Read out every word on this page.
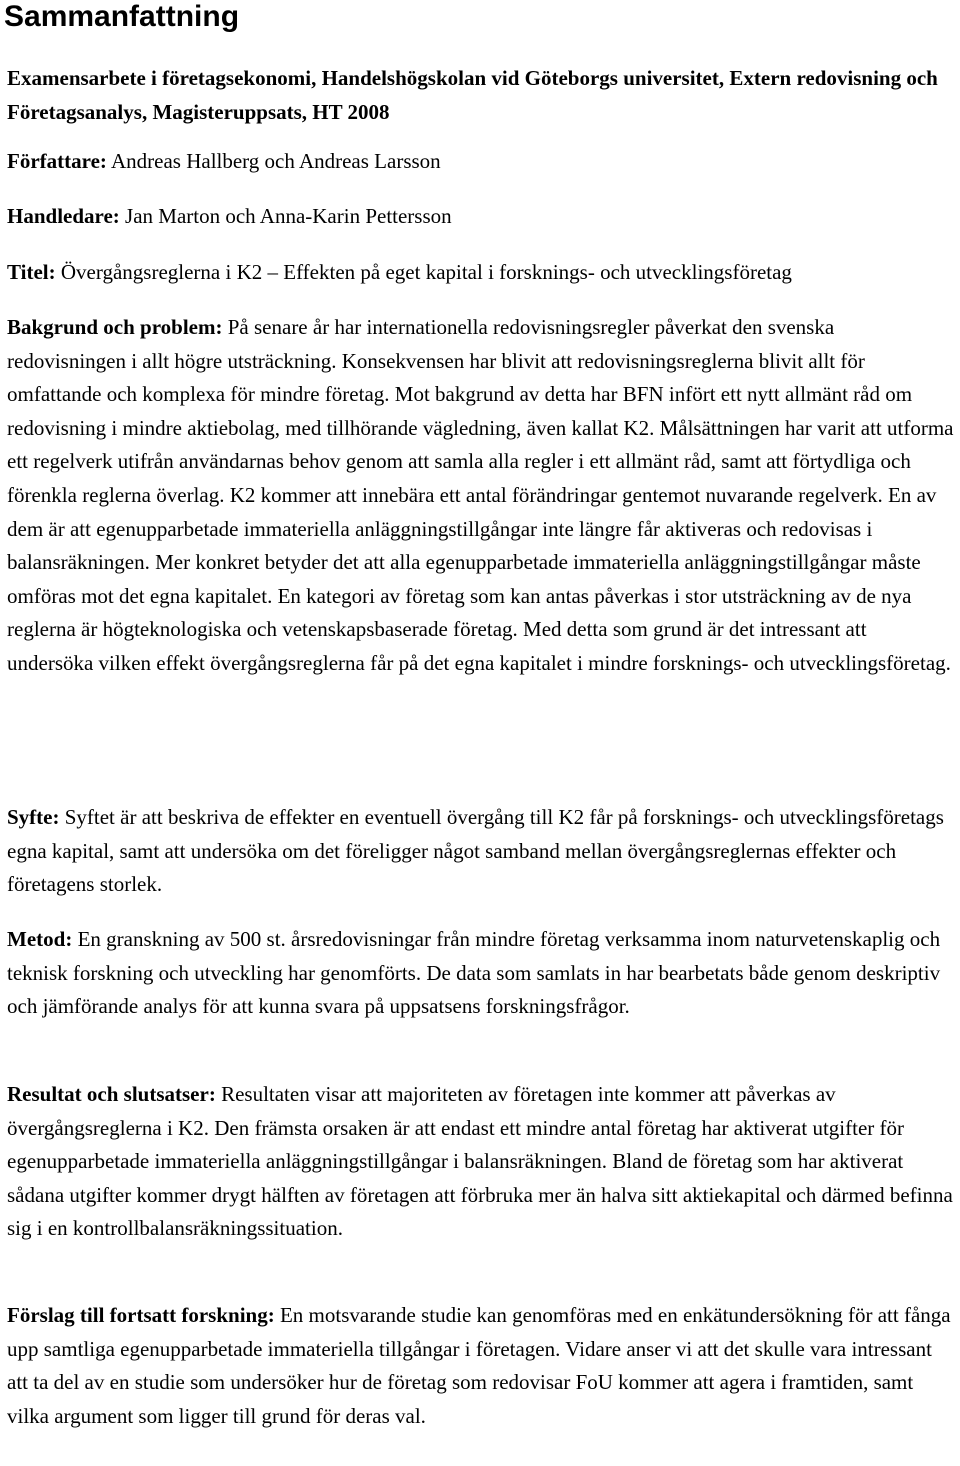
Sammanfattning

Examensarbete i företagsekonomi, Handelshögskolan vid Göteborgs universitet, Extern redovisning och Företagsanalys, Magisteruppsats, HT 2008

Författare: Andreas Hallberg och Andreas Larsson

Handledare: Jan Marton och Anna-Karin Pettersson

Titel: Övergångsreglerna i K2 – Effekten på eget kapital i forsknings- och utvecklingsföretag

Bakgrund och problem: På senare år har internationella redovisningsregler påverkat den svenska redovisningen i allt högre utsträckning. Konsekvensen har blivit att redovisningsreglerna blivit allt för omfattande och komplexa för mindre företag. Mot bakgrund av detta har BFN infört ett nytt allmänt råd om redovisning i mindre aktiebolag, med tillhörande vägledning, även kallat K2. Målsättningen har varit att utforma ett regelverk utifrån användarnas behov genom att samla alla regler i ett allmänt råd, samt att förtydliga och förenkla reglerna överlag. K2 kommer att innebära ett antal förändringar gentemot nuvarande regelverk. En av dem är att egenupparbetade immateriella anläggningstillgångar inte längre får aktiveras och redovisas i balansräkningen. Mer konkret betyder det att alla egenupparbetade immateriella anläggningstillgångar måste omföras mot det egna kapitalet. En kategori av företag som kan antas påverkas i stor utsträckning av de nya reglerna är högteknologiska och vetenskapsbaserade företag. Med detta som grund är det intressant att undersöka vilken effekt övergångsreglerna får på det egna kapitalet i mindre forsknings- och utvecklingsföretag.

Syfte: Syftet är att beskriva de effekter en eventuell övergång till K2 får på forsknings- och utvecklingsföretags egna kapital, samt att undersöka om det föreligger något samband mellan övergångsreglernas effekter och företagens storlek.

Metod: En granskning av 500 st. årsredovisningar från mindre företag verksamma inom naturvetenskaplig och teknisk forskning och utveckling har genomförts. De data som samlats in har bearbetats både genom deskriptiv och jämförande analys för att kunna svara på uppsatsens forskningsfrågor.

Resultat och slutsatser: Resultaten visar att majoriteten av företagen inte kommer att påverkas av övergångsreglerna i K2. Den främsta orsaken är att endast ett mindre antal företag har aktiverat utgifter för egenupparbetade immateriella anläggningstillgångar i balansräkningen. Bland de företag som har aktiverat sådana utgifter kommer drygt hälften av företagen att förbruka mer än halva sitt aktiekapital och därmed befinna sig i en kontrollbalansräkningssituation.

Förslag till fortsatt forskning: En motsvarande studie kan genomföras med en enkätundersökning för att fånga upp samtliga egenupparbetade immateriella tillgångar i företagen. Vidare anser vi att det skulle vara intressant att ta del av en studie som undersöker hur de företag som redovisar FoU kommer att agera i framtiden, samt vilka argument som ligger till grund för deras val.
